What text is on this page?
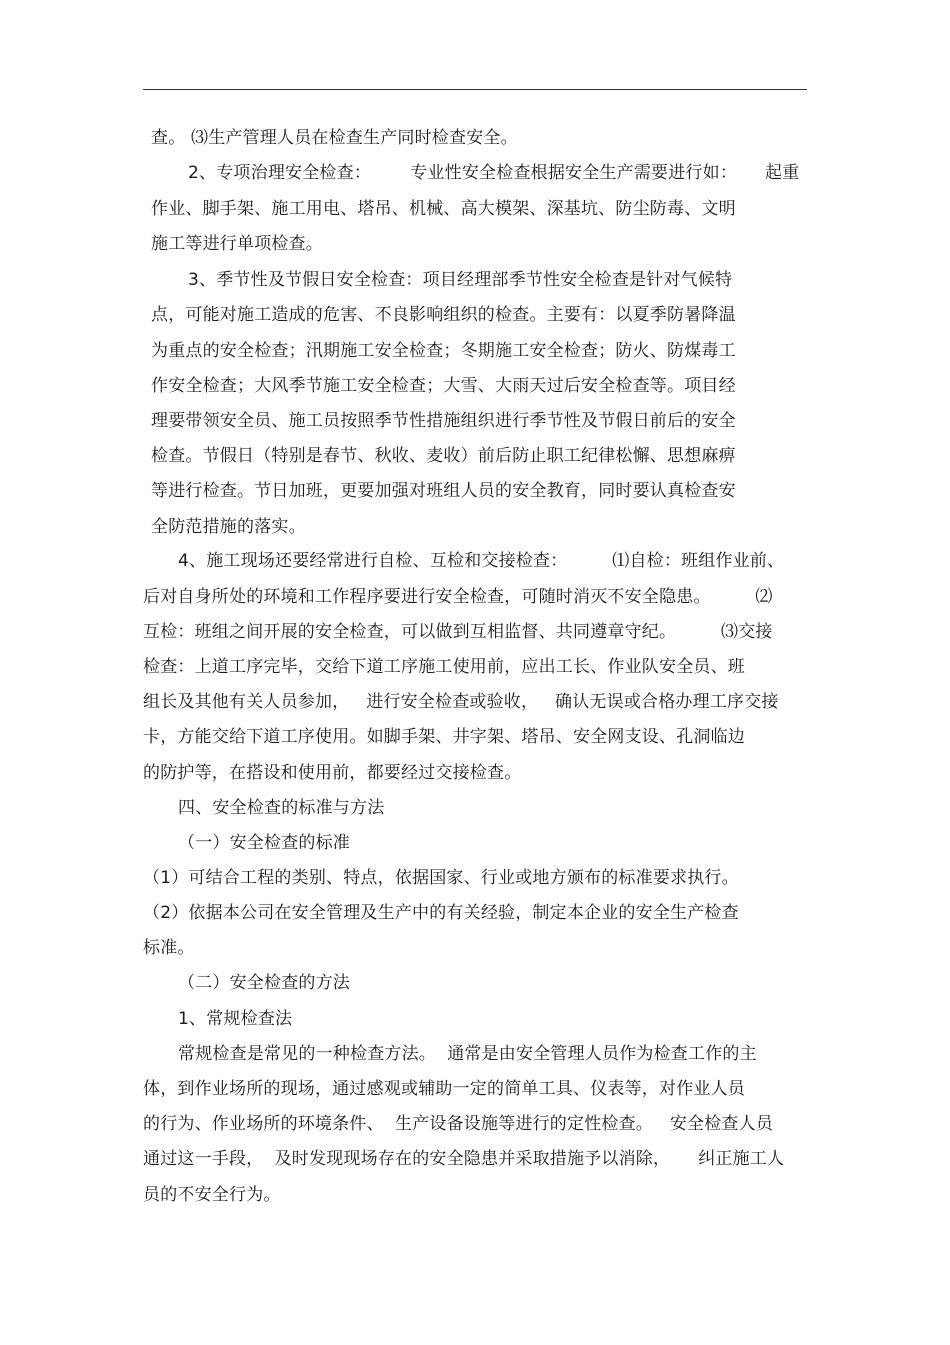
查。 ⑶生产管理人员在检查生产同时检查安全。
2、专项治理安全检查：       专业性安全检查根据安全生产需要进行如：     起重
作业、脚手架、施工用电、塔吊、机械、高大模架、深基坑、防尘防毒、文明
施工等进行单项检查。
3、季节性及节假日安全检查：项目经理部季节性安全检查是针对气候特
点，可能对施工造成的危害、不良影响组织的检查。主要有：以夏季防暑降温
为重点的安全检查；汛期施工安全检查；冬期施工安全检查；防火、防煤毒工
作安全检查；大风季节施工安全检查；大雪、大雨天过后安全检查等。项目经
理要带领安全员、施工员按照季节性措施组织进行季节性及节假日前后的安全
检查。节假日（特别是春节、秋收、麦收）前后防止职工纪律松懈、思想麻痹
等进行检查。节日加班，更要加强对班组人员的安全教育，同时要认真检查安
全防范措施的落实。
4、施工现场还要经常进行自检、互检和交接检查：        ⑴自检：班组作业前、
后对自身所处的环境和工作程序要进行安全检查，可随时消灭不安全隐患。        ⑵
互检：班组之间开展的安全检查，可以做到互相监督、共同遵章守纪。        ⑶交接
检查：上道工序完毕，交给下道工序施工使用前，应出工长、作业队安全员、班
组长及其他有关人员参加，   进行安全检查或验收，   确认无误或合格办理工序交接
卡，方能交给下道工序使用。如脚手架、井字架、塔吊、安全网支设、孔洞临边
的防护等，在搭设和使用前，都要经过交接检查。
四、安全检查的标准与方法
（一）安全检查的标准
（1）可结合工程的类别、特点，依据国家、行业或地方颁布的标准要求执行。
（2）依据本公司在安全管理及生产中的有关经验，制定本企业的安全生产检查
标准。
（二）安全检查的方法
1、常规检查法
常规检查是常见的一种检查方法。  通常是由安全管理人员作为检查工作的主
体，到作业场所的现场，通过感观或辅助一定的简单工具、仪表等，对作业人员
的行为、作业场所的环境条件、  生产设备设施等进行的定性检查。   安全检查人员
通过这一手段，  及时发现现场存在的安全隐患并采取措施予以消除，     纠正施工人
员的不安全行为。
